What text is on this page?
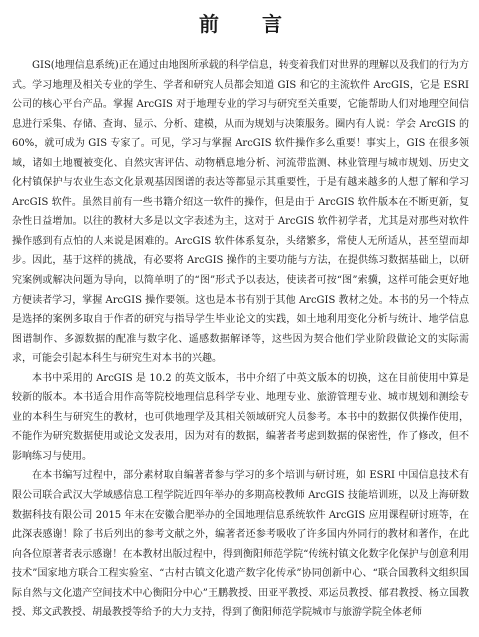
前 言

GIS(地理信息系统)正在通过由地图所承载的科学信息，转变着我们对世界的理解以及我们的行为方式。学习地理及相关专业的学生、学者和研究人员都会知道 GIS 和它的主流软件 ArcGIS，它是 ESRI 公司的核心平台产品。掌握 ArcGIS 对于地理专业的学习与研究至关重要，它能帮助人们对地理空间信息进行采集、存储、查询、显示、分析、建模，从而为规划与决策服务。圈内有人说：学会 ArcGIS 的 60%，就可成为 GIS 专家了。可见，学习与掌握 ArcGIS 软件操作多么重要！事实上，GIS 在很多领域，诸如土地覆被变化、自然灾害评估、动物栖息地分析、河流带监测、林业管理与城市规划、历史文化村镇保护与农业生态文化景观基因图谱的表达等都显示其重要性，于是有越来越多的人想了解和学习 ArcGIS 软件。虽然目前有一些书籍介绍这一软件的操作，但是由于 ArcGIS 软件版本在不断更新，复杂性日益增加。以往的教材大多是以文字表述为主，这对于 ArcGIS 软件初学者，尤其是对那些对软件操作感到有点怕的人来说是困难的。ArcGIS 软件体系复杂，头绪繁多，常使人无所适从，甚至望而却步。因此，基于这样的挑战，有必要将 ArcGIS 操作的主要功能与方法，在提供练习数据基础上，以研究案例或解决问题为导向，以简单明了的“图”形式予以表达，使读者可按“图”索骥，这样可能会更好地方便读者学习，掌握 ArcGIS 操作要领。这也是本书有别于其他 ArcGIS 教材之处。本书的另一个特点是选择的案例多取自于作者的研究与指导学生毕业论文的实践，如土地利用变化分析与统计、地学信息图谱制作、多源数据的配准与数字化、遥感数据解译等，这些因为契合他们学业阶段做论文的实际需求，可能会引起本科生与研究生对本书的兴趣。

本书中采用的 ArcGIS 是 10.2 的英文版本，书中介绍了中英文版本的切换，这在目前使用中算是较新的版本。本书适合用作高等院校地理信息科学专业、地理专业、旅游管理专业、城市规划和测绘专业的本科生与研究生的教材，也可供地理学及其相关领域研究人员参考。本书中的数据仅供操作使用，不能作为研究数据使用或论文发表用，因为对有的数据，编著者考虑到数据的保密性，作了修改，但不影响练习与使用。

在本书编写过程中，部分素材取自编著者参与学习的多个培训与研讨班，如 ESRI 中国信息技术有限公司联合武汉大学域感信息工程学院近四年举办的多期高校教师 ArcGIS 技能培训班，以及上海研数数据科技有限公司 2015 年末在安徽合肥举办的全国地理信息系统软件 ArcGIS 应用课程研讨班等，在此深表感谢！除了书后列出的参考文献之外，编著者还参考吸收了许多国内外同行的教材和著作，在此向各位原著者表示感谢！在本教材出版过程中，得到衡阳师范学院“传统村镇文化数字化保护与创意利用技术”国家地方联合工程实验室、“古村古镇文化遗产数字化传承”协同创新中心、“联合国教科文组织国际自然与文化遗产空间技术中心衡阳分中心”王鹏教授、田亚平教授、邓运员教授、郁君教授、杨立国教授、郑文武教授、胡最教授等给予的大力支持，得到了衡阳师范学院城市与旅游学院全体老师
